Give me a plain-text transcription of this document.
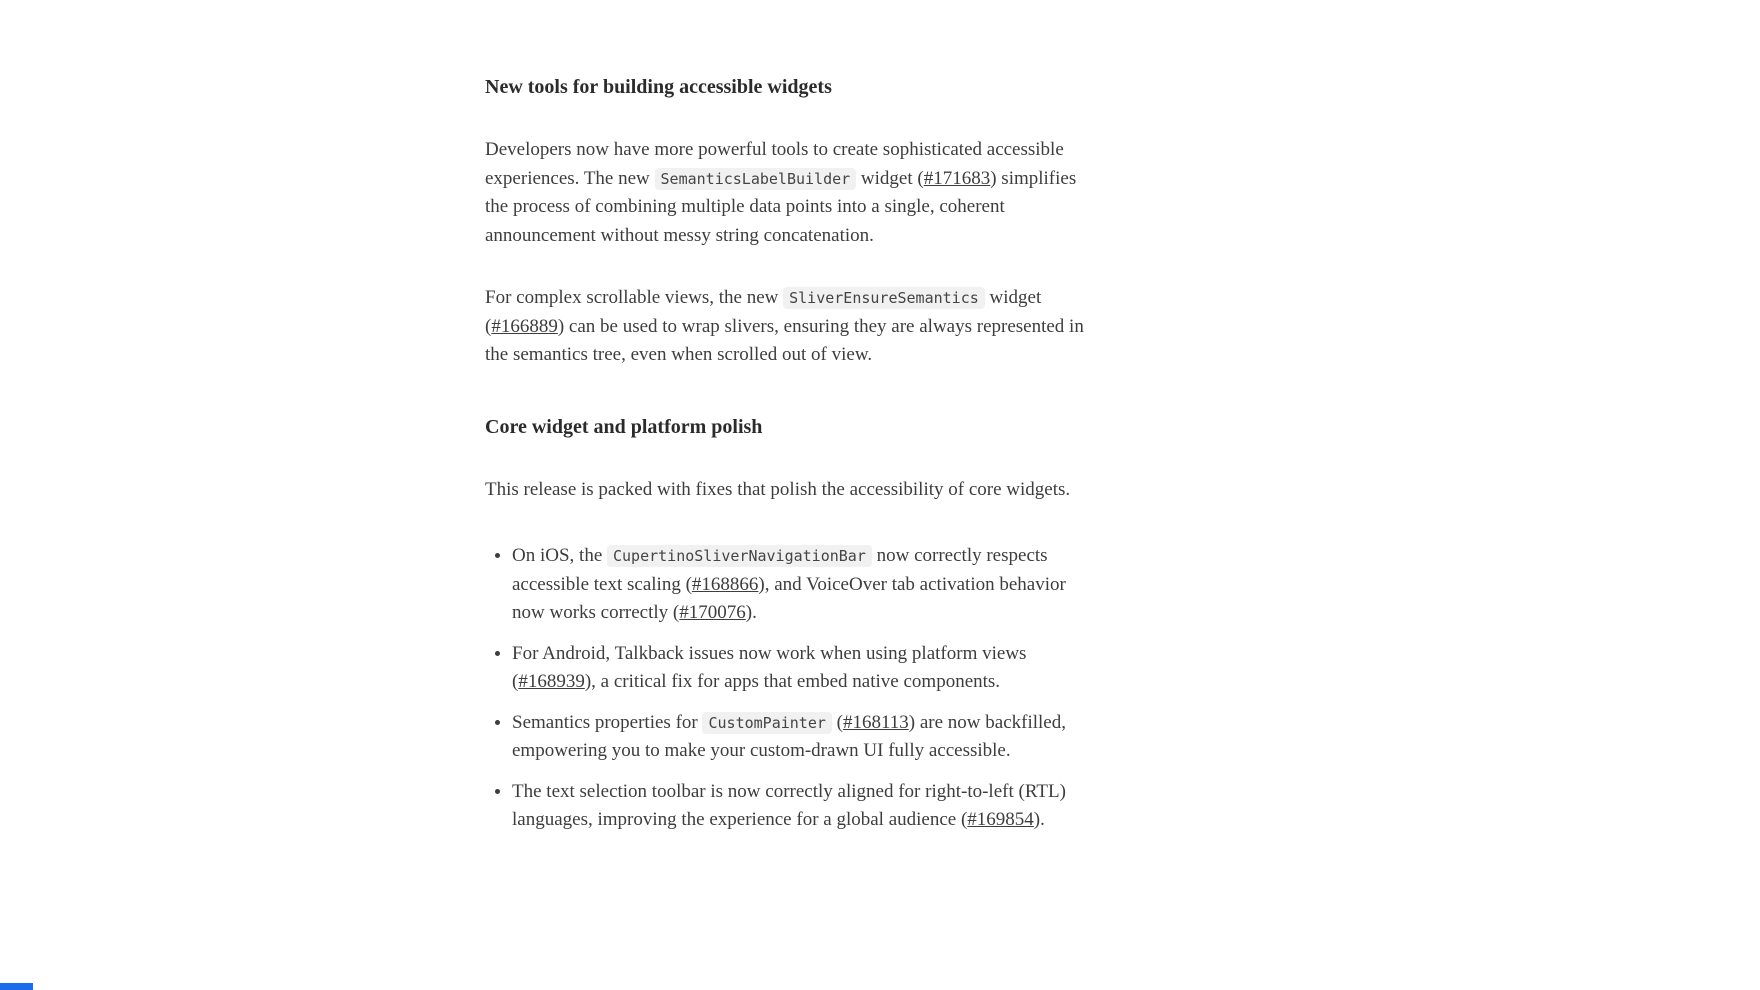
New tools for building accessible widgets

Developers now have more powerful tools to create sophisticated accessible experiences. The new SemanticsLabelBuilder widget (#171683) simplifies the process of combining multiple data points into a single, coherent announcement without messy string concatenation.

For complex scrollable views, the new SliverEnsureSemantics widget (#166889) can be used to wrap slivers, ensuring they are always represented in the semantics tree, even when scrolled out of view.

Core widget and platform polish

This release is packed with fixes that polish the accessibility of core widgets.

• On iOS, the CupertinoSliverNavigationBar now correctly respects accessible text scaling (#168866), and VoiceOver tab activation behavior now works correctly (#170076).
• For Android, Talkback issues now work when using platform views (#168939), a critical fix for apps that embed native components.
• Semantics properties for CustomPainter (#168113) are now backfilled, empowering you to make your custom-drawn UI fully accessible.
• The text selection toolbar is now correctly aligned for right-to-left (RTL) languages, improving the experience for a global audience (#169854).
